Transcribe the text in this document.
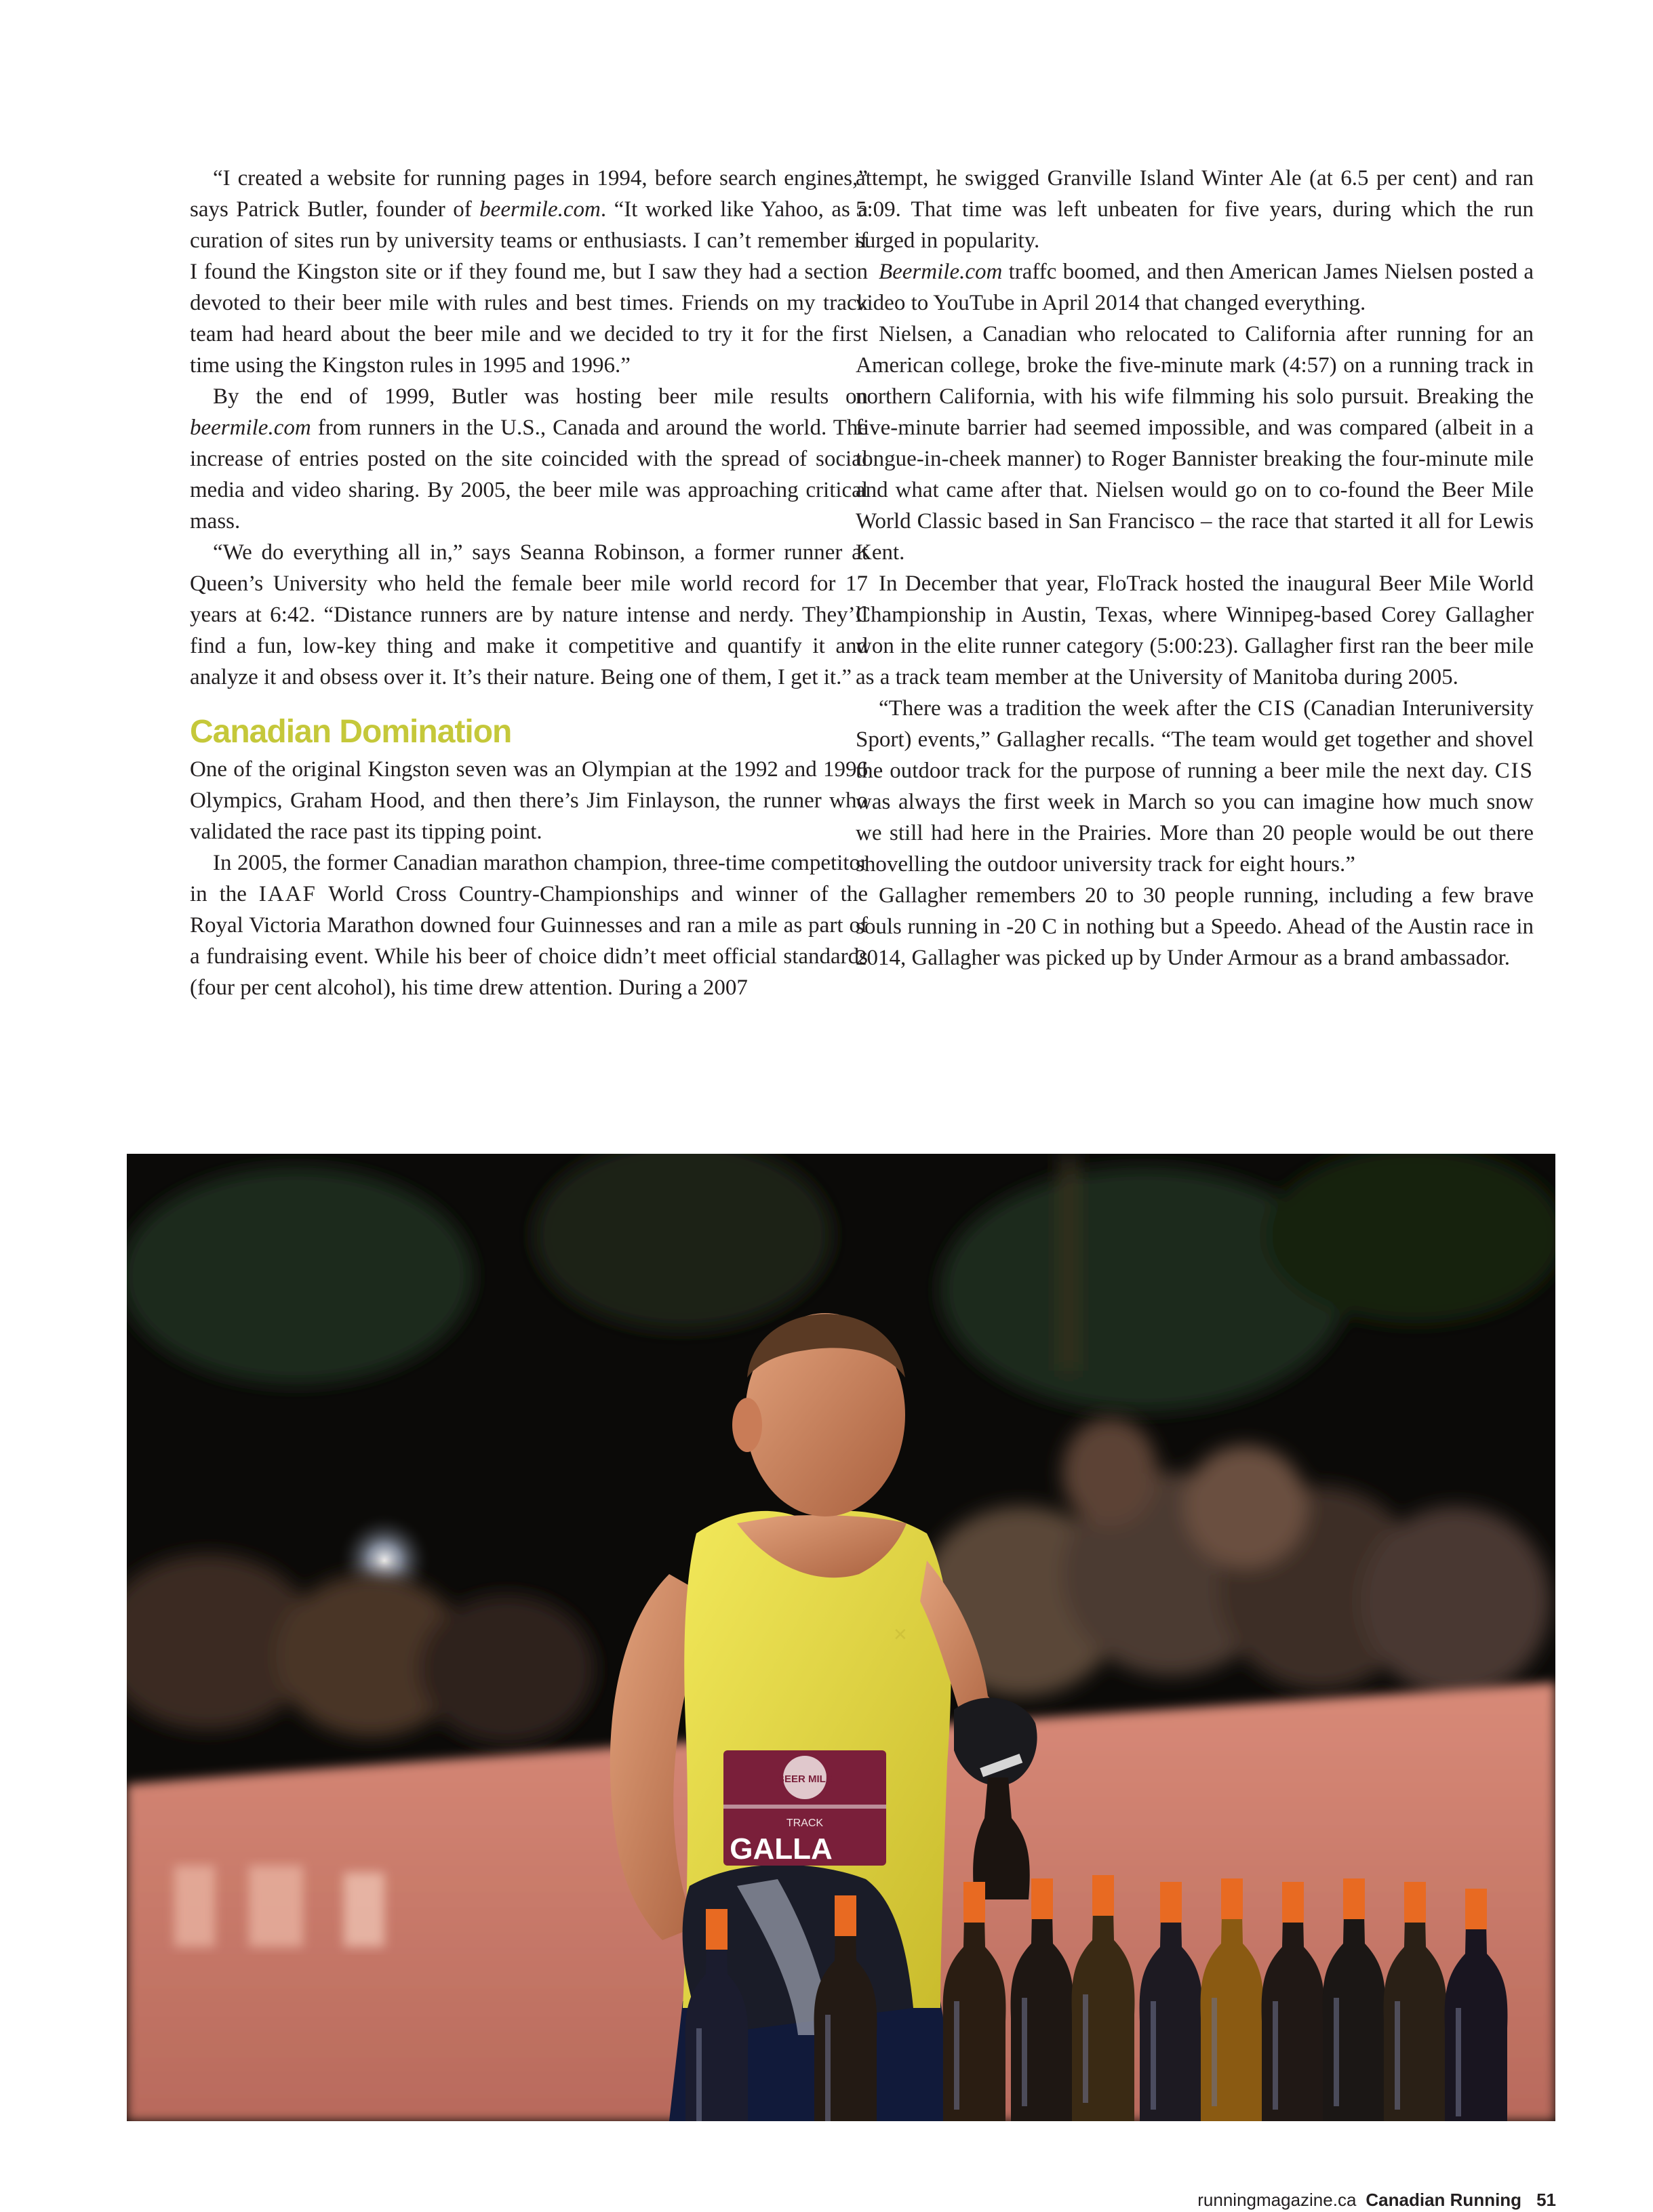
“I created a website for running pages in 1994, before search engines,” says Patrick Butler, founder of beermile.com. “It worked like Yahoo, as a curation of sites run by university teams or enthusiasts. I can’t remember if I found the Kingston site or if they found me, but I saw they had a section devoted to their beer mile with rules and best times. Friends on my track team had heard about the beer mile and we decided to try it for the first time using the Kingston rules in 1995 and 1996.”

By the end of 1999, Butler was hosting beer mile results on beermile.com from runners in the U.S., Canada and around the world. The increase of entries posted on the site coincided with the spread of social media and video sharing. By 2005, the beer mile was approaching critical mass.

“We do everything all in,” says Seanna Robinson, a former runner at Queen’s University who held the female beer mile world record for 17 years at 6:42. “Distance runners are by nature intense and nerdy. They’ll find a fun, low-key thing and make it competitive and quantify it and analyze it and obsess over it. It’s their nature. Being one of them, I get it.”

Canadian Domination

One of the original Kingston seven was an Olympian at the 1992 and 1996 Olympics, Graham Hood, and then there’s Jim Finlayson, the runner who validated the race past its tipping point.

In 2005, the former Canadian marathon champion, three-time competitor in the IAAF World Cross Country-Championships and winner of the Royal Victoria Marathon downed four Guinnesses and ran a mile as part of a fundraising event. While his beer of choice didn’t meet official standards (four per cent alcohol), his time drew attention. During a 2007

attempt, he swigged Granville Island Winter Ale (at 6.5 per cent) and ran 5:09. That time was left unbeaten for five years, during which the run surged in popularity.

Beermile.com traffc boomed, and then American James Nielsen posted a video to YouTube in April 2014 that changed everything.

Nielsen, a Canadian who relocated to California after running for an American college, broke the five-minute mark (4:57) on a running track in northern California, with his wife filmming his solo pursuit. Breaking the five-minute barrier had seemed impossible, and was compared (albeit in a tongue-in-cheek manner) to Roger Bannister breaking the four-minute mile and what came after that. Nielsen would go on to co-found the Beer Mile World Classic based in San Francisco – the race that started it all for Lewis Kent.

In December that year, FloTrack hosted the inaugural Beer Mile World Championship in Austin, Texas, where Winnipeg-based Corey Gallagher won in the elite runner category (5:00:23). Gallagher first ran the beer mile as a track team member at the University of Manitoba during 2005.

“There was a tradition the week after the CIS (Canadian Interuniversity Sport) events,” Gallagher recalls. “The team would get together and shovel the outdoor track for the purpose of running a beer mile the next day. CIS was always the first week in March so you can imagine how much snow we still had here in the Prairies. More than 20 people would be out there shovelling the outdoor university track for eight hours.”

Gallagher remembers 20 to 30 people running, including a few brave souls running in -20 C in nothing but a Speedo. Ahead of the Austin race in 2014, Gallagher was picked up by Under Armour as a brand ambassador.

BEER MILE
TRACK
GALLA
✕
runningmagazine.ca Canadian Running 51
